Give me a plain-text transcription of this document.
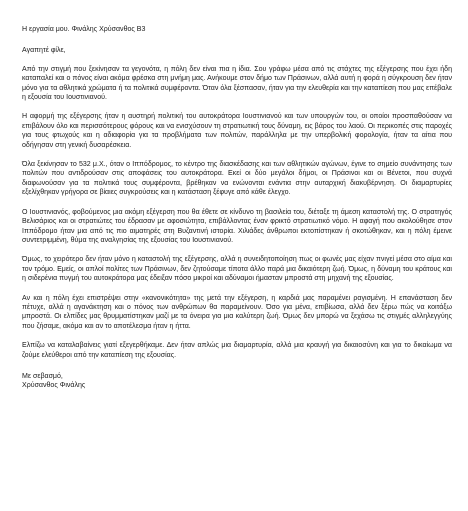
Η εργασία μου. Φινάλης Χρύσανθος Β3

Αγαπητέ φίλε,

Από την στιγμή που ξεκίνησαν τα γεγονότα, η πόλη δεν είναι πια η ίδια. Σου γράφω μέσα από τις στάχτες της εξέγερσης που έχει ήδη καταπαλεί και ο πόνος είναι ακόμα φρέσκα στη μνήμη μας. Ανήκουμε στον δήμο των Πράσινων, αλλά αυτή η φορά η σύγκρουση δεν ήταν μόνο για τα αθλητικά χρώματα ή τα πολιτικά συμφέροντα. Όταν όλα ξέσπασαν, ήταν για την ελευθερία και την καταπίεση που μας επέβαλε η εξουσία του Ιουστινιανού.

Η αφορμή της εξέγερσης ήταν η αυστηρή πολιτική του αυτοκράτορα Ιουστινιανού και των υπουργών του, οι οποίοι προσπαθούσαν να επιβάλουν όλο και περισσότερους φόρους και να ενισχύσουν τη στρατιωτική τους δύναμη, εις βάρος του λαού. Οι περικοπές στις παροχές για τους φτωχούς και η αδιαφορία για τα προβλήματα των πολιτών, παράλληλα με την υπερβολική φορολογία, ήταν τα αίτια που οδήγησαν στη γενική δυσαρέσκεια.

Όλα ξεκίνησαν το 532 μ.Χ., όταν ο Ιππόδρομος, το κέντρο της διασκέδασης και των αθλητικών αγώνων, έγινε το σημείο συνάντησης των πολιτών που αντιδρούσαν στις αποφάσεις του αυτοκράτορα. Εκεί οι δύο μεγάλοι δήμοι, οι Πράσινοι και οι Βένετοι, που συχνά διαφωνούσαν για τα πολιτικά τους συμφέροντα, βρέθηκαν να ενώνονται ενάντια στην αυταρχική διακυβέρνηση. Οι διαμαρτυρίες εξελίχθηκαν γρήγορα σε βίαιες συγκρούσεις και η κατάσταση ξέφυγε από κάθε έλεγχο.

Ο Ιουστινιανός, φοβούμενος μια ακόμη εξέγερση που θα έθετε σε κίνδυνο τη βασιλεία του, διέταξε τη άμεση καταστολή της. Ο στρατηγός Βελισάριος και οι στρατιώτες του έδρασαν με αφοσιώτητα, επιβάλλοντας έναν φρικτό στρατιωτικό νόμο. Η αφαγή που ακολούθησε στον Ιππόδρομο ήταν μια από τις πιο αιματηρές στη Βυζαντινή ιστορία. Χιλιάδες άνθρωποι εκτοπίστηκαν ή σκοτώθηκαν, και η πόλη έμεινε συντετριμμένη, θύμα της αναλγησίας της εξουσίας του Ιουστινιανού.

Όμως, το χειρότερο δεν ήταν μόνο η καταστολή της εξέγερσης, αλλά η συνειδητοποίηση πως οι φωνές μας είχαν πνιγεί μέσα στο αίμα και τον τρόμο. Εμείς, οι απλοί πολίτες των Πράσινων, δεν ζητούσαμε τίποτα άλλο παρά μια δικαιότερη ζωή. Όμως, η δύναμη του κράτους και η σιδερένια πυγμή του αυτοκράτορα μας έδειξαν πόσο μικροί και αδύναμοι ήμασταν μπροστά στη μηχανή της εξουσίας.

Αν και η πόλη έχει επιστρέψει στην «κανονικότητα» της μετά την εξέγερση, η καρδιά μας παραμένει ραγισμένη. Η επανάσταση δεν πέτυχε, αλλά η αγανάκτηση και ο πόνος των ανθρώπων θα παραμείνουν. Όσο για μένα, επιβίωσα, αλλά δεν ξέρω πώς να κοιτάξω μπροστά. Οι ελπίδες μας θρυμματίστηκαν μαζί με τα όνειρα για μια καλύτερη ζωή. Όμως δεν μπορώ να ξεχάσω τις στιγμές αλληλεγγύης που ζήσαμε, ακόμα και αν το αποτέλεσμα ήταν η ήττα.

Ελπίζω να καταλαβαίνεις γιατί εξεγερθήκαμε. Δεν ήταν απλώς μια διαμαρτυρία, αλλά μια κραυγή για δικαιοσύνη και για το δικαίωμα να ζούμε ελεύθεροι από την καταπίεση της εξουσίας.

Με σεβασμό,

Χρύσανθος Φινάλης
